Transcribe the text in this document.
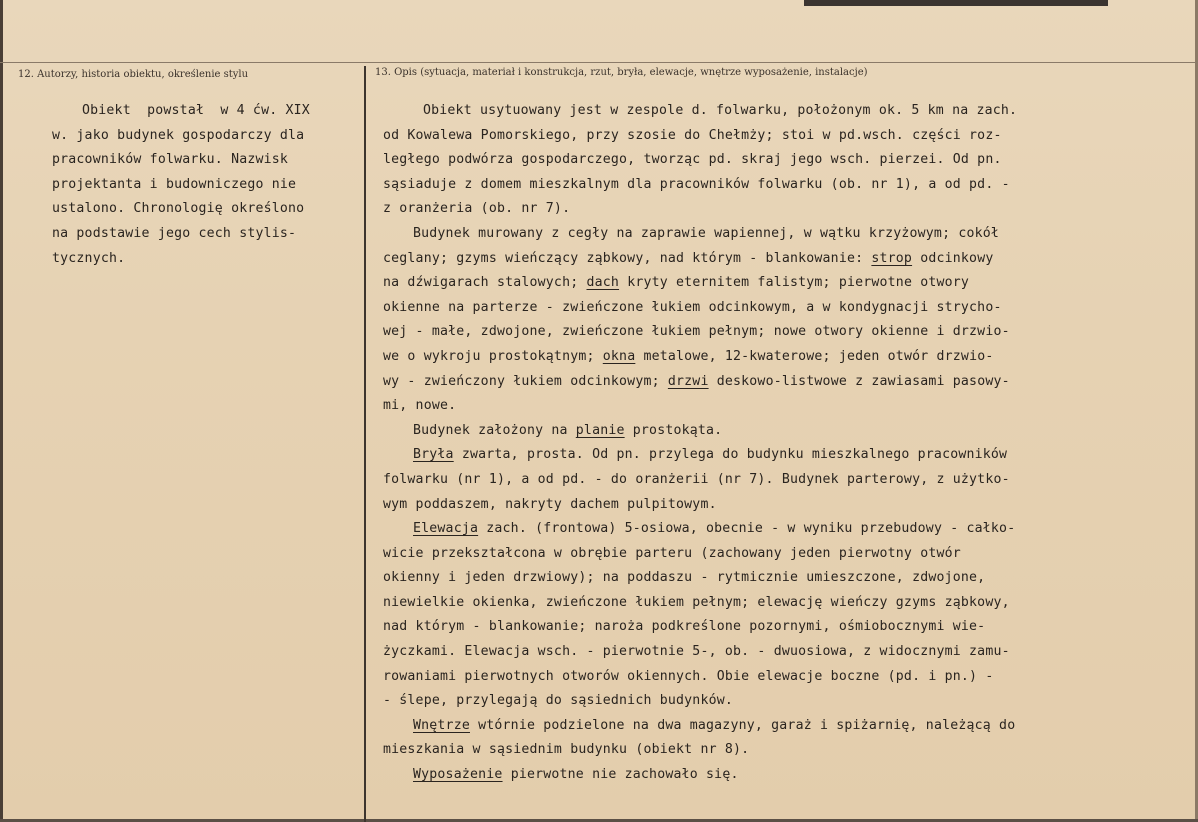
12. Autorzy, historia obiektu, określenie stylu	13. Opis (sytuacja, materiał i konstrukcja, rzut, bryła, elewacje, wnętrze wyposażenie, instalacje)
Obiekt  powstał  w 4 ćw. XIX
w. jako budynek gospodarczy dla
pracowników folwarku. Nazwisk
projektanta i budowniczego nie
ustalono. Chronologię określono
na podstawie jego cech stylis-
tycznych.
Obiekt usytuowany jest w zespole d. folwarku, położonym ok. 5 km na zach.
od Kowalewa Pomorskiego, przy szosie do Chełmży; stoi w pd.wsch. części roz-
ległego podwórza gospodarczego, tworząc pd. skraj jego wsch. pierzei. Od pn.
sąsiaduje z domem mieszkalnym dla pracowników folwarku (ob. nr 1), a od pd. -
z oranżeria (ob. nr 7).
Budynek murowany z cegły na zaprawie wapiennej, w wątku krzyżowym; cokół
ceglany; gzyms wieńczący ząbkowy, nad którym - blankowanie: strop odcinkowy
na dźwigarach stalowych; dach kryty eternitem falistym; pierwotne otwory
okienne na parterze - zwieńczone łukiem odcinkowym, a w kondygnacji strycho-
wej - małe, zdwojone, zwieńczone łukiem pełnym; nowe otwory okienne i drzwio-
we o wykroju prostokątnym; okna metalowe, 12-kwaterowe; jeden otwór drzwio-
wy - zwieńczony łukiem odcinkowym; drzwi deskowo-listwowe z zawiasami pasowy-
mi, nowe.
Budynek założony na planie prostokąta.
Bryła zwarta, prosta. Od pn. przylega do budynku mieszkalnego pracowników
folwarku (nr 1), a od pd. - do oranżerii (nr 7). Budynek parterowy, z użytko-
wym poddaszem, nakryty dachem pulpitowym.
Elewacja zach. (frontowa) 5-osiowa, obecnie - w wyniku przebudowy - całko-
wicie przekształcona w obrębie parteru (zachowany jeden pierwotny otwór
okienny i jeden drzwiowy); na poddaszu - rytmicznie umieszczone, zdwojone,
niewielkie okienka, zwieńczone łukiem pełnym; elewację wieńczy gzyms ząbkowy,
nad którym - blankowanie; naroża podkreślone pozornymi, ośmiobocznymi wie-
życzkami. Elewacja wsch. - pierwotnie 5-, ob. - dwuosiowa, z widocznymi zamu-
rowaniami pierwotnych otworów okiennych. Obie elewacje boczne (pd. i pn.) -
- ślepe, przylegają do sąsiednich budynków.
Wnętrze wtórnie podzielone na dwa magazyny, garaż i spiżarnię, należącą do
mieszkania w sąsiednim budynku (obiekt nr 8).
Wyposażenie pierwotne nie zachowało się.
